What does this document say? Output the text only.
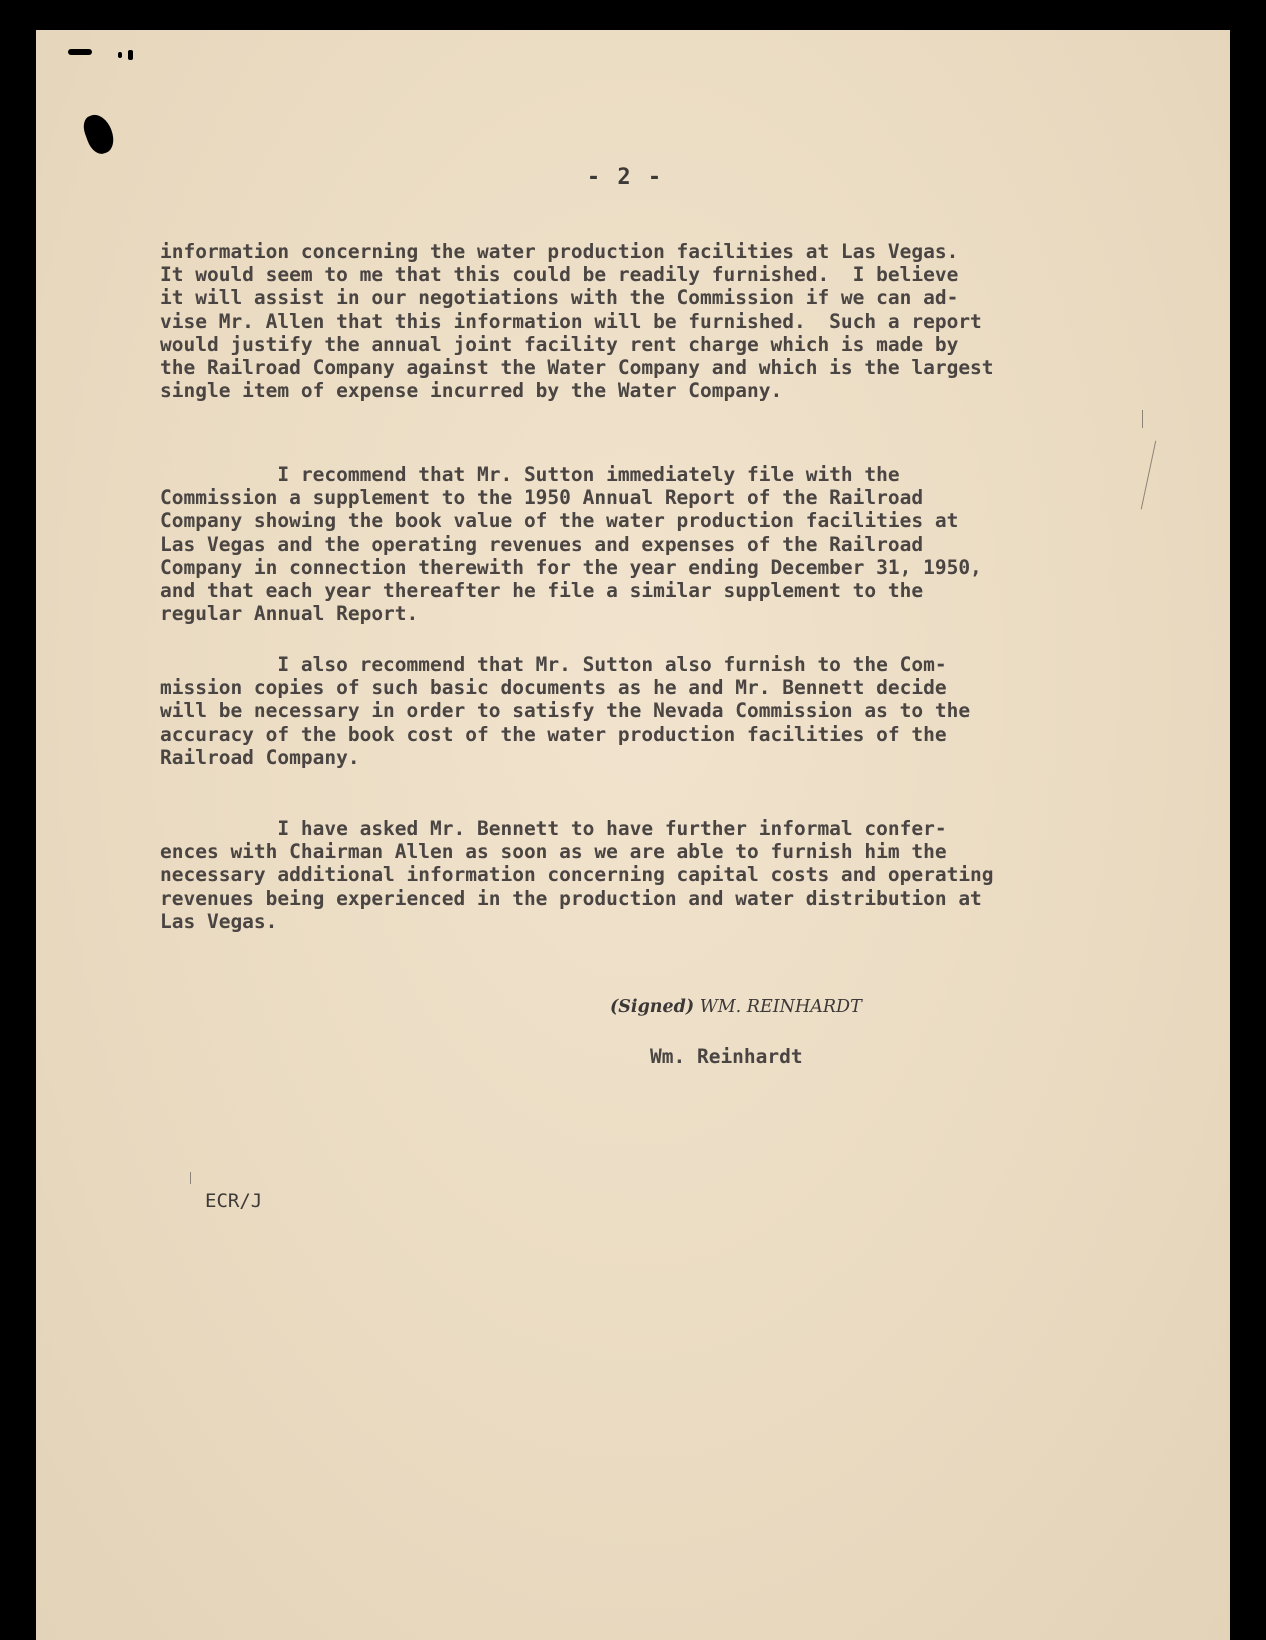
- 2 -
information concerning the water production facilities at Las Vegas.
It would seem to me that this could be readily furnished.  I believe
it will assist in our negotiations with the Commission if we can ad-
vise Mr. Allen that this information will be furnished.  Such a report
would justify the annual joint facility rent charge which is made by
the Railroad Company against the Water Company and which is the largest
single item of expense incurred by the Water Company.
I recommend that Mr. Sutton immediately file with the
Commission a supplement to the 1950 Annual Report of the Railroad
Company showing the book value of the water production facilities at
Las Vegas and the operating revenues and expenses of the Railroad
Company in connection therewith for the year ending December 31, 1950,
and that each year thereafter he file a similar supplement to the
regular Annual Report.
I also recommend that Mr. Sutton also furnish to the Com-
mission copies of such basic documents as he and Mr. Bennett decide
will be necessary in order to satisfy the Nevada Commission as to the
accuracy of the book cost of the water production facilities of the
Railroad Company.
I have asked Mr. Bennett to have further informal confer-
ences with Chairman Allen as soon as we are able to furnish him the
necessary additional information concerning capital costs and operating
revenues being experienced in the production and water distribution at
Las Vegas.
(Signed) WM. REINHARDT
Wm. Reinhardt
ECR/J
